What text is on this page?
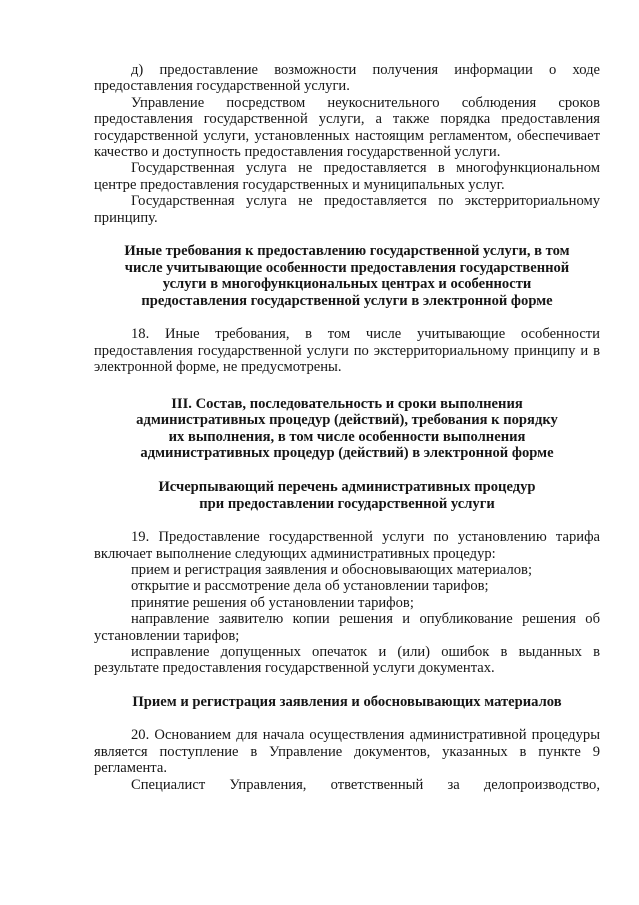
д) предоставление возможности получения информации о ходе предоставления государственной услуги.

Управление посредством неукоснительного соблюдения сроков предоставления государственной услуги, а также порядка предоставления государственной услуги, установленных настоящим регламентом, обеспечивает качество и доступность предоставления государственной услуги.

Государственная услуга не предоставляется в многофункциональном центре предоставления государственных и муниципальных услуг.

Государственная услуга не предоставляется по экстерриториальному принципу.

Иные требования к предоставлению государственной услуги, в том
числе учитывающие особенности предоставления государственной
услуги в многофункциональных центрах и особенности
предоставления государственной услуги в электронной форме

18. Иные требования, в том числе учитывающие особенности предоставления государственной услуги по экстерриториальному принципу и в электронной форме, не предусмотрены.

III. Состав, последовательность и сроки выполнения
административных процедур (действий), требования к порядку
их выполнения, в том числе особенности выполнения
административных процедур (действий) в электронной форме
Исчерпывающий перечень административных процедур
при предоставлении государственной услуги

19. Предоставление государственной услуги по установлению тарифа включает выполнение следующих административных процедур:

прием и регистрация заявления и обосновывающих материалов;

открытие и рассмотрение дела об установлении тарифов;

принятие решения об установлении тарифов;

направление заявителю копии решения и опубликование решения об установлении тарифов;

исправление допущенных опечаток и (или) ошибок в выданных в результате предоставления государственной услуги документах.

Прием и регистрация заявления и обосновывающих материалов

20. Основанием для начала осуществления административной процедуры является поступление в Управление документов, указанных в пункте 9 регламента.

Специалист Управления, ответственный за делопроизводство,
